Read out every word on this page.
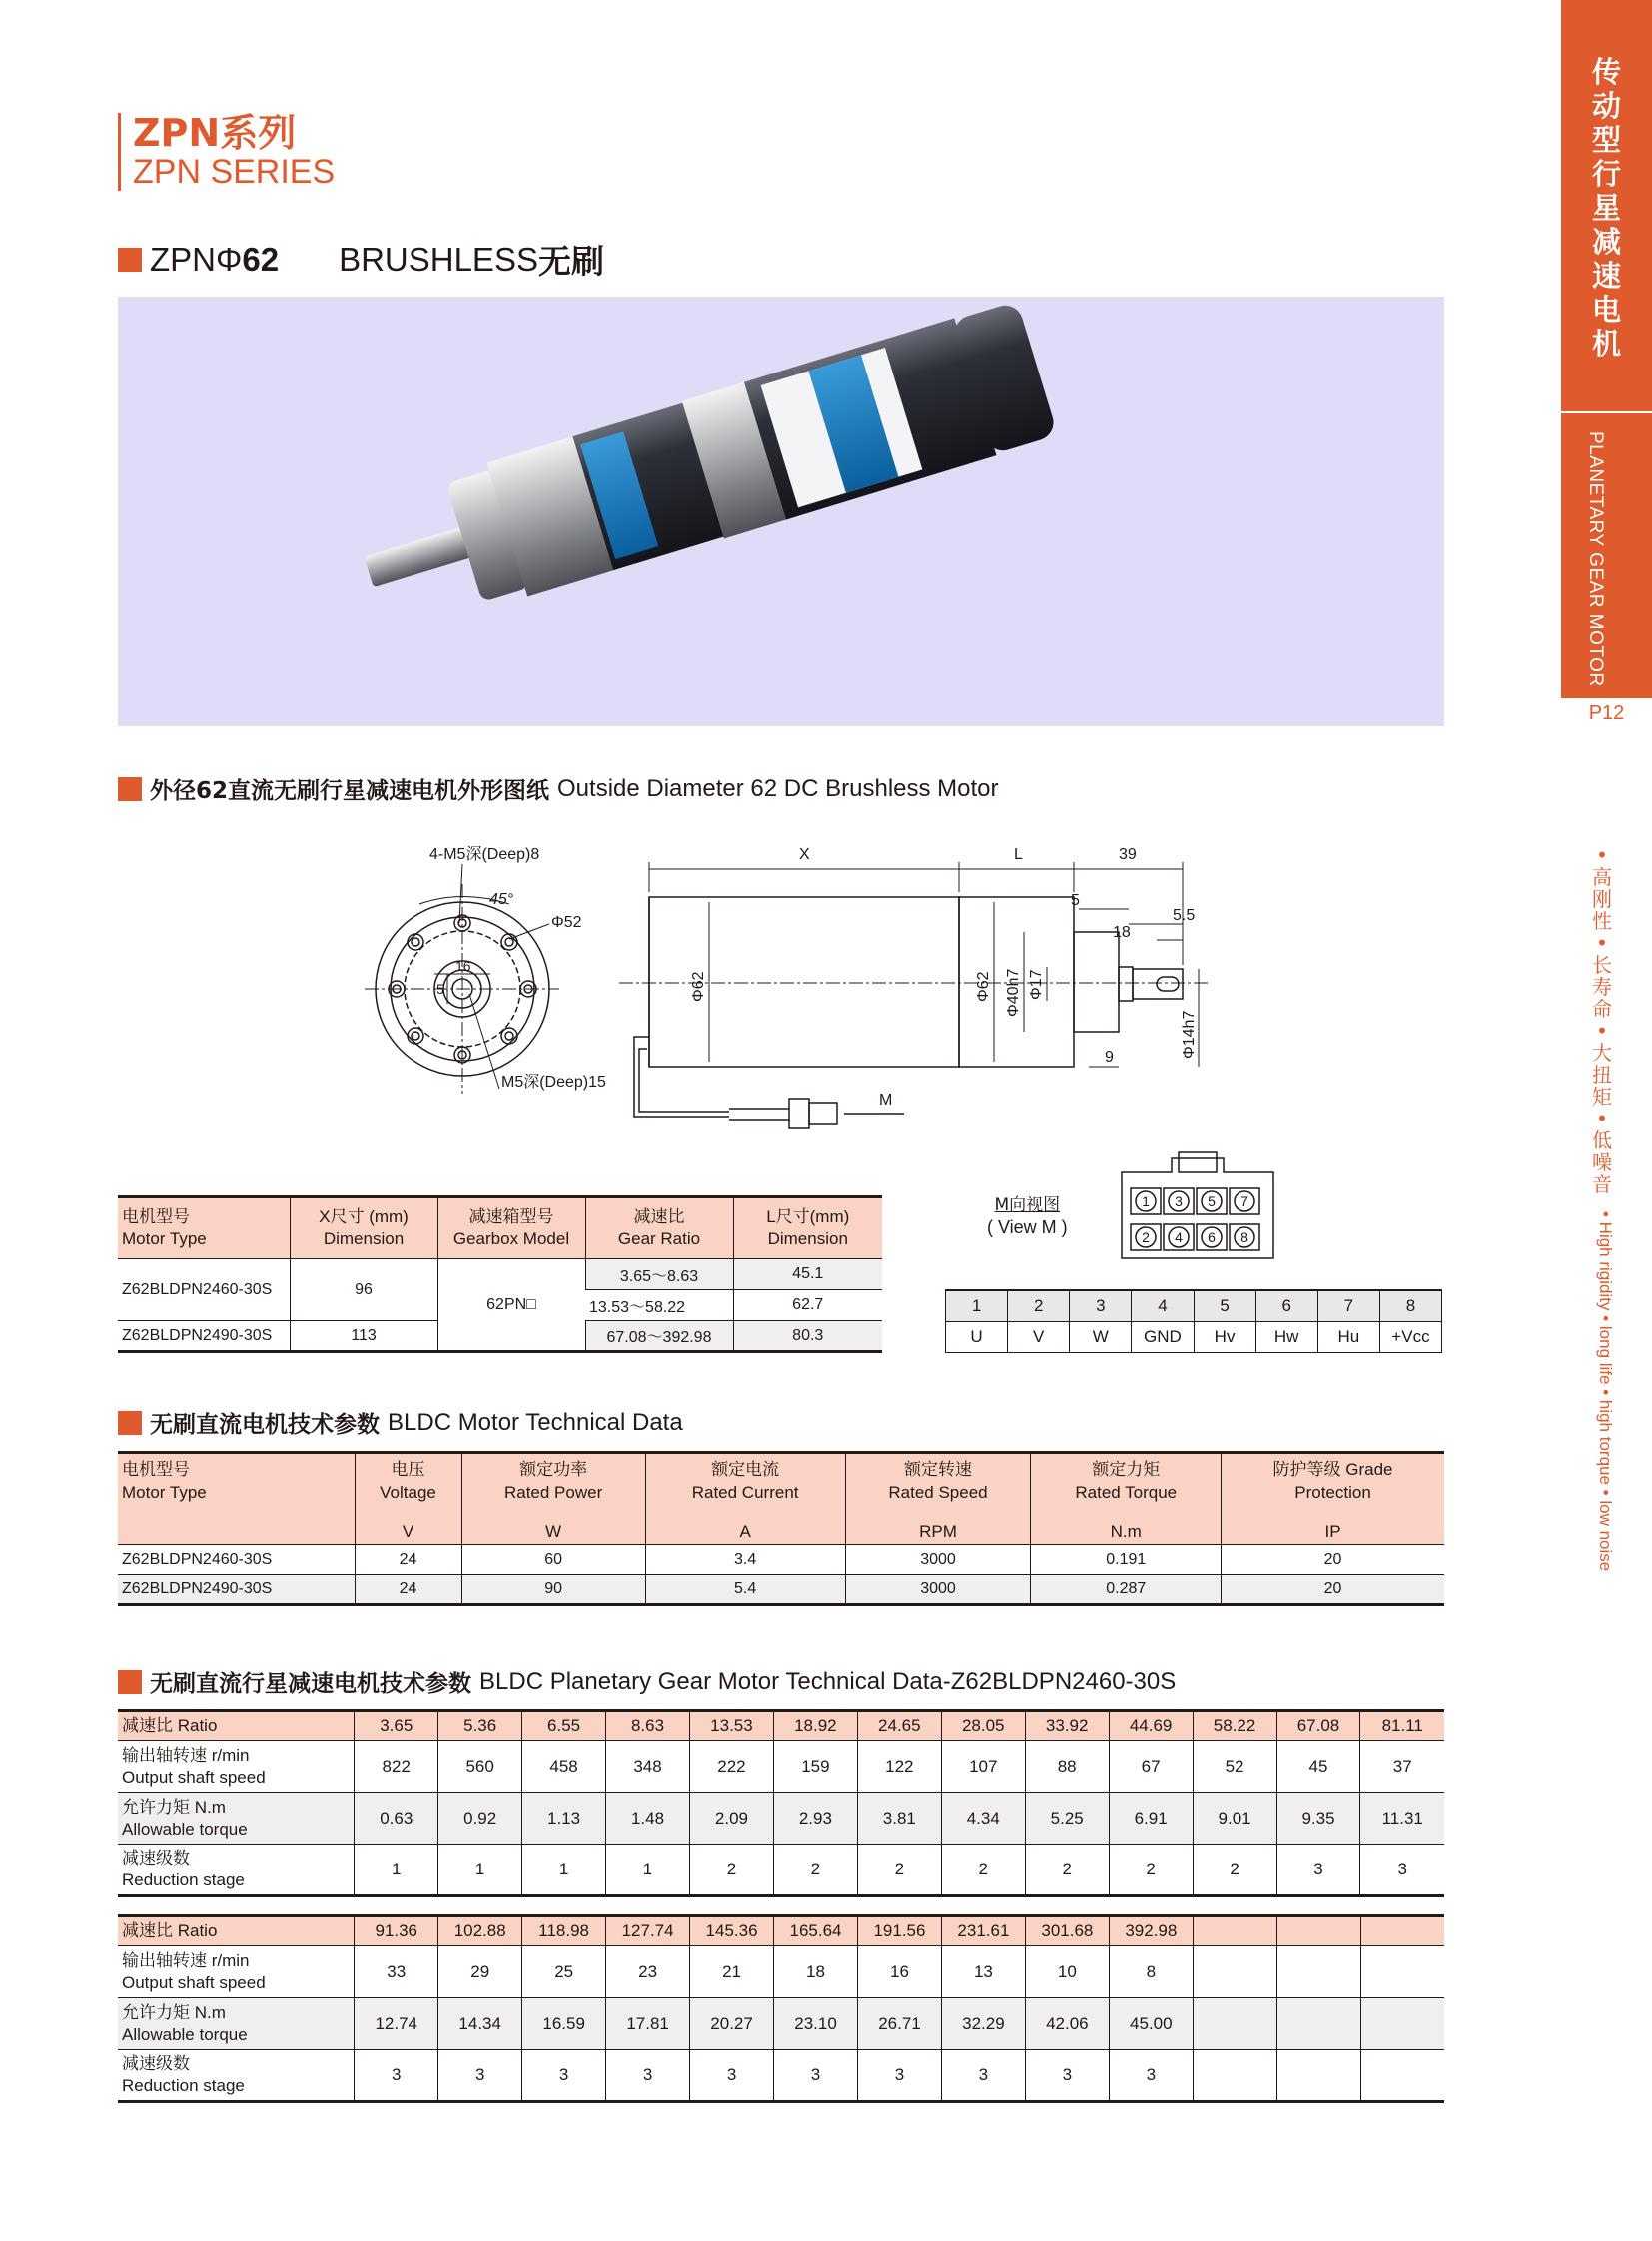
传动型行星减速电机
PLANETARY GEAR MOTOR
P12
• 高刚性 • 长寿命 • 大扭矩 • 低噪音
• High rigidity • long life • high torque • low noise
ZPN系列
ZPN SERIES
ZPNΦ 62 BRUSHLESS 无刷
外径62直流无刷行星减速电机外形图纸 Outside Diameter 62 DC Brushless Motor
4-M5深(Deep)8
45°
Φ52
16
5
M5深(Deep)15
X	L	39
5
5.5
18
9
M
Φ62	Φ62 Φ40h7 Φ17
Φ14h7
电机型号
Motor Type	X尺寸 (mm)
Dimension	减速箱型号
Gearbox Model	减速比
Gear Ratio	L尺寸(mm)
Dimension
Z62BLDPN2460-30S	96	62PN□	3.65～8.63	45.1
			13.53～58.22	62.7
Z62BLDPN2490-30S	113		67.08～392.98	80.3
M向视图
( View M )
1 3 5 7
2 4 6 8
1	2	3	4	5	6	7	8
U	V	W	GND	Hv	Hw	Hu	+Vcc
无刷直流电机技术参数 BLDC Motor Technical Data
电机型号
Motor Type	电压
Voltage	额定功率
Rated Power	额定电流
Rated Current	额定转速
Rated Speed	额定力矩
Rated Torque	防护等级 Grade
Protection
	V	W	A	RPM	N.m	IP
Z62BLDPN2460-30S	24	60	3.4	3000	0.191	20
Z62BLDPN2490-30S	24	90	5.4	3000	0.287	20
无刷直流行星减速电机技术参数 BLDC Planetary Gear Motor Technical Data-Z62BLDPN2460-30S
减速比 Ratio	3.65	5.36	6.55	8.63	13.53	18.92	24.65	28.05	33.92	44.69	58.22	67.08	81.11
输出轴转速 r/min
Output shaft speed	822	560	458	348	222	159	122	107	88	67	52	45	37
允许力矩 N.m
Allowable torque	0.63	0.92	1.13	1.48	2.09	2.93	3.81	4.34	5.25	6.91	9.01	9.35	11.31
减速级数
Reduction stage	1	1	1	1	2	2	2	2	2	2	2	3	3
减速比 Ratio	91.36	102.88	118.98	127.74	145.36	165.64	191.56	231.61	301.68	392.98			
输出轴转速 r/min
Output shaft speed	33	29	25	23	21	18	16	13	10	8			
允许力矩 N.m
Allowable torque	12.74	14.34	16.59	17.81	20.27	23.10	26.71	32.29	42.06	45.00			
减速级数
Reduction stage	3	3	3	3	3	3	3	3	3	3			
